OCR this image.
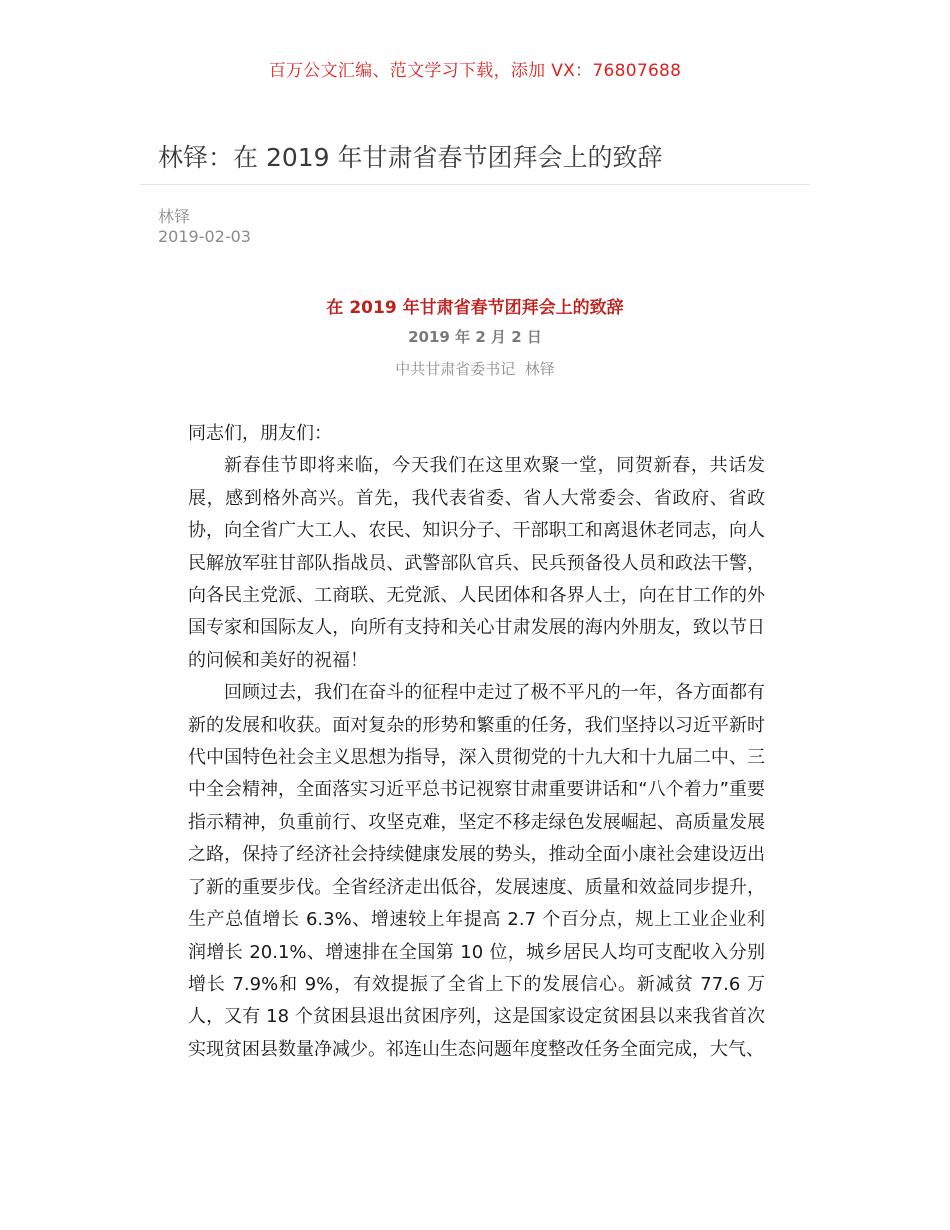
百万公文汇编、范文学习下载，添加 VX：76807688
林铎：在 2019 年甘肃省春节团拜会上的致辞
林铎
2019-02-03
在 2019 年甘肃省春节团拜会上的致辞
2019 年 2 月 2 日
中共甘肃省委书记  林铎

同志们，朋友们：

新春佳节即将来临，今天我们在这里欢聚一堂，同贺新春，共话发展，感到格外高兴。首先，我代表省委、省人大常委会、省政府、省政协，向全省广大工人、农民、知识分子、干部职工和离退休老同志，向人民解放军驻甘部队指战员、武警部队官兵、民兵预备役人员和政法干警，向各民主党派、工商联、无党派、人民团体和各界人士，向在甘工作的外国专家和国际友人，向所有支持和关心甘肃发展的海内外朋友，致以节日的问候和美好的祝福！

回顾过去，我们在奋斗的征程中走过了极不平凡的一年，各方面都有新的发展和收获。面对复杂的形势和繁重的任务，我们坚持以习近平新时代中国特色社会主义思想为指导，深入贯彻党的十九大和十九届二中、三中全会精神，全面落实习近平总书记视察甘肃重要讲话和“八个着力”重要指示精神，负重前行、攻坚克难，坚定不移走绿色发展崛起、高质量发展之路，保持了经济社会持续健康发展的势头，推动全面小康社会建设迈出了新的重要步伐。全省经济走出低谷，发展速度、质量和效益同步提升，生产总值增长 6.3%、增速较上年提高 2.7 个百分点，规上工业企业利润增长 20.1%、增速排在全国第 10 位，城乡居民人均可支配收入分别增长 7.9%和 9%，有效提振了全省上下的发展信心。新减贫 77.6 万人，又有 18 个贫困县退出贫困序列，这是国家设定贫困县以来我省首次实现贫困县数量净减少。祁连山生态问题年度整改任务全面完成，大气、
